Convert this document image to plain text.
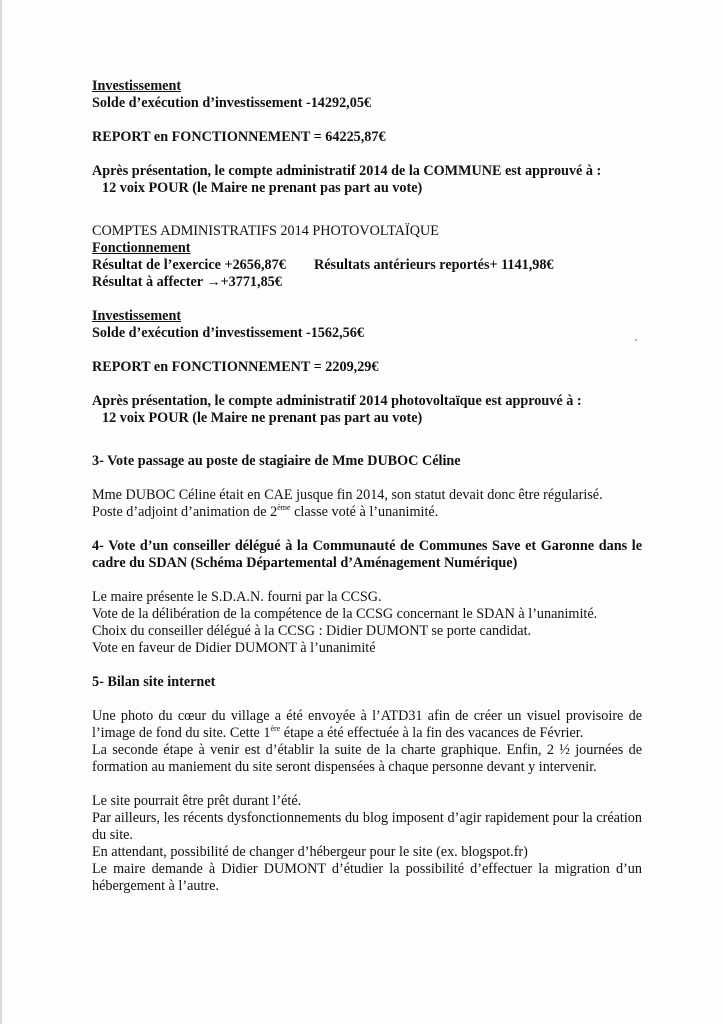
Investissement

Solde d’exécution d’investissement -14292,05€

REPORT en FONCTIONNEMENT = 64225,87€

Après présentation, le compte administratif 2014 de la COMMUNE est approuvé à :

12 voix POUR (le Maire ne prenant pas part au vote)

COMPTES ADMINISTRATIFS 2014 PHOTOVOLTAÏQUE

Fonctionnement

Résultat de l’exercice +2656,87€	Résultats antérieurs reportés+ 1141,98€

Résultat à affecter →+3771,85€

Investissement

Solde d’exécution d’investissement -1562,56€

REPORT en FONCTIONNEMENT = 2209,29€

Après présentation, le compte administratif 2014 photovoltaïque est approuvé à :

12 voix POUR (le Maire ne prenant pas part au vote)

3- Vote passage au poste de stagiaire de Mme DUBOC Céline

Mme DUBOC Céline était en CAE jusque fin 2014, son statut devait donc être régularisé.

Poste d’adjoint d’animation de 2ème classe voté à l’unanimité.

4- Vote d’un conseiller délégué à la Communauté de Communes Save et Garonne dans le cadre du SDAN (Schéma Départemental d’Aménagement Numérique)

Le maire présente le S.D.A.N. fourni par la CCSG.

Vote de la délibération de la compétence de la CCSG concernant le SDAN à l’unanimité.

Choix du conseiller délégué à la CCSG : Didier DUMONT se porte candidat.

Vote en faveur de Didier DUMONT à l’unanimité

5- Bilan site internet

Une photo du cœur du village a été envoyée à l’ATD31 afin de créer un visuel provisoire de l’image de fond du site. Cette 1ère étape a été effectuée à la fin des vacances de Février.

La seconde étape à venir est d’établir la suite de la charte graphique. Enfin, 2 ½ journées de formation au maniement du site seront dispensées à chaque personne devant y intervenir.

Le site pourrait être prêt durant l’été.

Par ailleurs, les récents dysfonctionnements du blog imposent d’agir rapidement pour la création du site.

En attendant, possibilité de changer d’hébergeur pour le site (ex. blogspot.fr)

Le maire demande à Didier DUMONT d’étudier la possibilité d’effectuer la migration d’un hébergement à l’autre.
